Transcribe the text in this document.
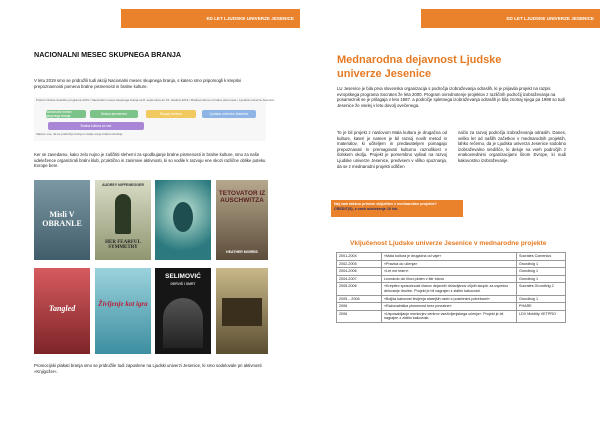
ED LET LJUDSKE UNIVERZE JESENICE
NACIONALNI MESEC SKUPNEGA BRANJA
V letu 2019 smo se pridružili tudi akciji Nacionalni mesec skupnega branja, s katero smo pripomogli k krepitvi prepoznavnosti pomena bralne pismenosti in bralne kulture.
Preberi zbrane dosežke programa 2019 • Nacionalni mesec skupnega branja od 8. septembra do 15. oktobra 2019 • Bralna kultura in bralna pismenost • Ljudska univerza Jesenice
Vabimo vse, da se pridružijo branju in delijo svoje bralne izkušnje
Nacionalni mesec skupnega branja	Bralna pismenost	Skupaj beremo	Ljudska univerza Jesenice
Bralna kultura za vse
Ker se zavedamo, kako zelo nujno je zaščititi sleherni za spodbujanje bralne pismenosti in bralne kulture, smo za naše udeležence organizirali bralni klub, pr;aktično in zanimive aktivnosti, ki so vodile k razvoju ene skozi različne oblike poteku Evrope bere.
Misli V OBRANLE
AUDREY NIFFENEGGER
HER FEARFUL SYMMETRY
TETOVATOR IZ AUSCHWITZA
HEATHER MORRIS
Tangled	Življenje kot igra
SELIMOVIĆ
DERVIŠ I SMRT
Promocijski plakati branja smo se pridružile tudi zaposlene na Ljudski univerzi Jesenice, ki smo sodelovale pri aktivnosti »Knjigožer«.
ED LET LJUDSKE UNIVERZE JESENICE
Mednarodna dejavnost Ljudske univerze Jesenice
LU Jesenice je bila prva slovenska organizacija s področja izobraževanja odraslih, ki je prijavila projekt na razpis evropskega programa Socrates že leta 2000. Program ovrednotenje projektov z različnih področij izobraževanja na posameznik se je prilagaja v letu 1987. a področje spletnega izobraževanja odraslih je bila znotraj njega pa 1998 so tudi Jesenice že vselej v letu dovolj ovečenega.
To je bil projekt z naslovom Mala kultura je drugačna od kulture, kateri je namen je bil razvoj novih metod in materialov, ki učiteljem in predavateljem pomagajo prepoznavati in premagovati kulturno raznolikost v šolskem okolju. Projekt je pomembno vplival na razvoj Ljudske univerze Jesenice, predvsem v vlilko spoznanja, da se z mednarodni projekti odličen
način za razvoj področja izobraževanja odraslih. Danes, veliko let od našlih začetkov v mednarodnih projektih, lahko rečemo, da je Ljudska univerza Jesenice sodobno izobraževalno središče, ki deluje na vseh področjih z enakovrednimi organizacijami širom Evrope, ki nudi kakovostno izobraževanje.
Naj vam takšno prinese vključitev v mednarodne projekte?
CREDIT(S), z vseh udeleženje 10 lek.
Vključenost Ljudske univerze Jesenice v mednarodne projekte
2001-2004	»Mala kultura je drugačna od vaje«	Socrates Comenius
2002-2005	»Pravica do učenja«	Grundtvig 1
2004-2006	»Let me learn«	Grundtvig 1
2004-2007	Leonardo da Vinci ploten v štir tutoru	Grundtvig 1
2005-2006	»Krepitev sposobnosti članov dejavnih državljanov ciljnih skupin za uspešno delovanje družbe. Projekt je bil nagrajen z zlatim kakovosti.	Socrates Grundtvig 2
2005 – 2008	»Boljša kakovost življenja starejših oseb s posebnimi potrebami«	Grundtvig 1
2006	»Računalniška pismenost brez povratne«	PHARE
2006	»Usposabljanje mentorjev centrov vseživljenjskega učenja«. Projekt je bil nagrajen z zlatim kakovosti.	LDV Mobility VETPRO
